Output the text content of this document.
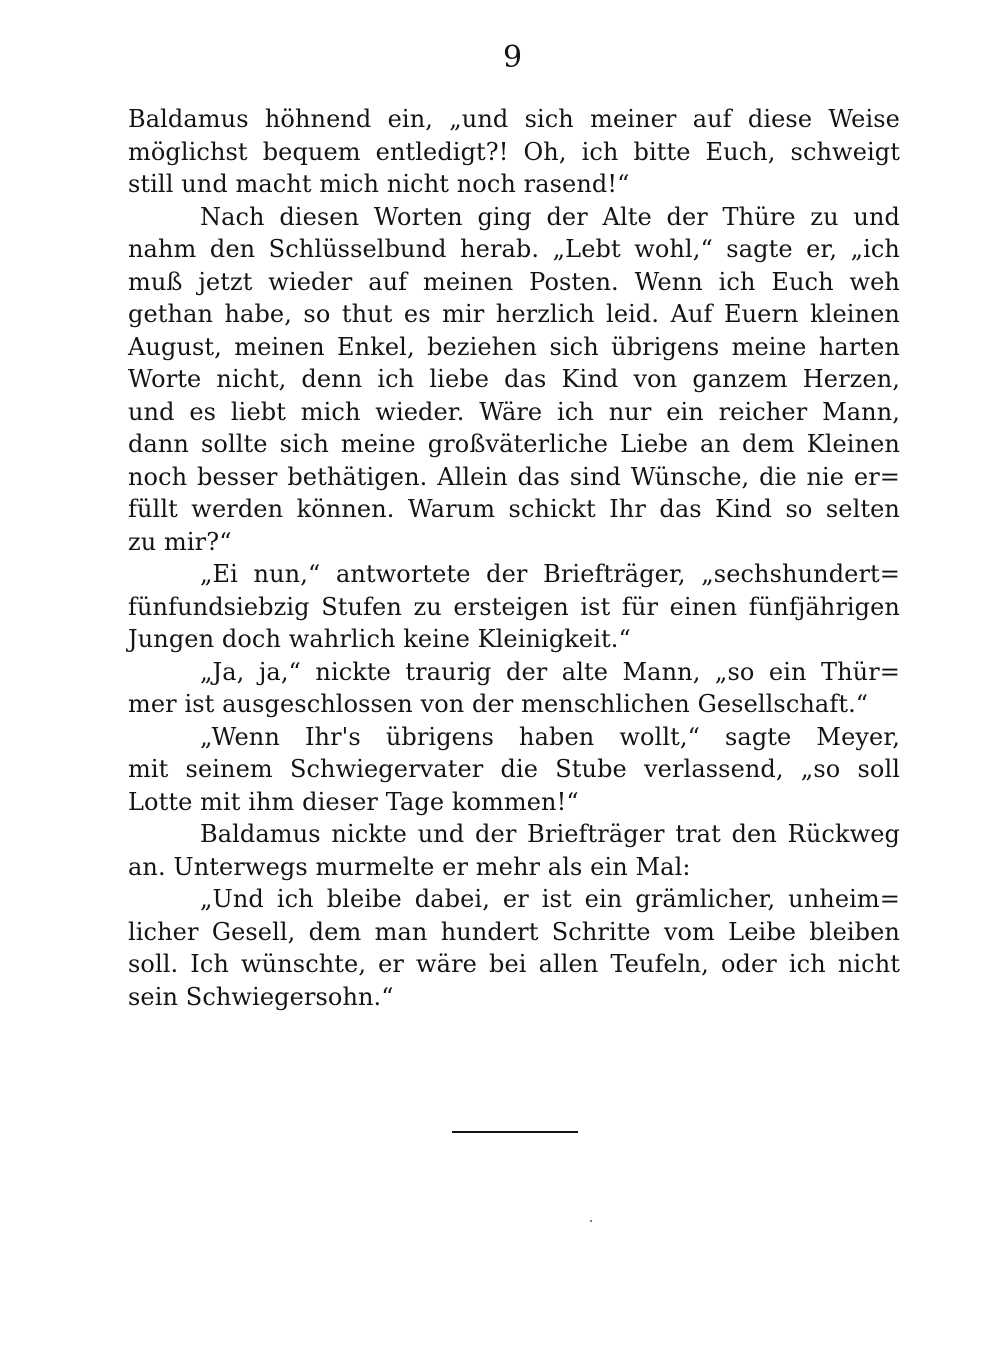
9
Baldamus höhnend ein, „und sich meiner auf diese Weise
möglichst bequem entledigt?! Oh, ich bitte Euch, schweigt
still und macht mich nicht noch rasend!“
Nach diesen Worten ging der Alte der Thüre zu und
nahm den Schlüsselbund herab. „Lebt wohl,“ sagte er, „ich
muß jetzt wieder auf meinen Posten. Wenn ich Euch weh
gethan habe, so thut es mir herzlich leid. Auf Euern kleinen
August, meinen Enkel, beziehen sich übrigens meine harten
Worte nicht, denn ich liebe das Kind von ganzem Herzen,
und es liebt mich wieder. Wäre ich nur ein reicher Mann,
dann sollte sich meine großväterliche Liebe an dem Kleinen
noch besser bethätigen. Allein das sind Wünsche, die nie er=
füllt werden können. Warum schickt Ihr das Kind so selten
zu mir?“
„Ei nun,“ antwortete der Briefträger, „sechshundert=
fünfundsiebzig Stufen zu ersteigen ist für einen fünfjährigen
Jungen doch wahrlich keine Kleinigkeit.“
„Ja, ja,“ nickte traurig der alte Mann, „so ein Thür=
mer ist ausgeschlossen von der menschlichen Gesellschaft.“
„Wenn Ihr's übrigens haben wollt,“ sagte Meyer,
mit seinem Schwiegervater die Stube verlassend, „so soll
Lotte mit ihm dieser Tage kommen!“
Baldamus nickte und der Briefträger trat den Rückweg
an. Unterwegs murmelte er mehr als ein Mal:
„Und ich bleibe dabei, er ist ein grämlicher, unheim=
licher Gesell, dem man hundert Schritte vom Leibe bleiben
soll. Ich wünschte, er wäre bei allen Teufeln, oder ich nicht
sein Schwiegersohn.“
